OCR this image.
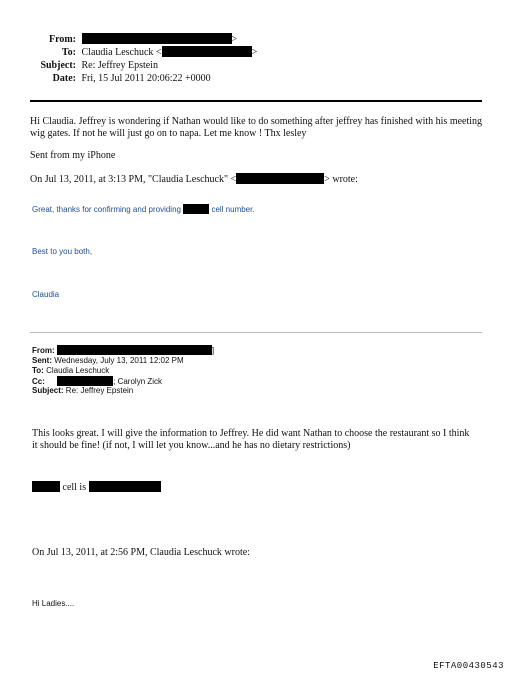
From:	>
To: Claudia Leschuck <	>
Subject: Re: Jeffrey Epstein
Date: Fri, 15 Jul 2011 20:06:22 +0000
Hi Claudia. Jeffrey is wondering if Nathan would like to do something after jeffrey has finished with his meeting
wig gates. If not he will just go on to napa. Let me know ! Thx lesley
Sent from my iPhone
On Jul 13, 2011, at 3:13 PM, "Claudia Leschuck" <	> wrote:
Great, thanks for confirming and providing	cell number.
Best to you both,
Claudia
From:	]
Sent: Wednesday, July 13, 2011 12:02 PM
To: Claudia Leschuck
Cc:	; Carolyn Zick
Subject: Re: Jeffrey Epstein
This looks great. I will give the information to Jeffrey. He did want Nathan to choose the restaurant so I think
it should be fine! (if not, I will let you know...and he has no dietary restrictions)
cell is
On Jul 13, 2011, at 2:56 PM, Claudia Leschuck wrote:
Hi Ladies....
EFTA00430543
